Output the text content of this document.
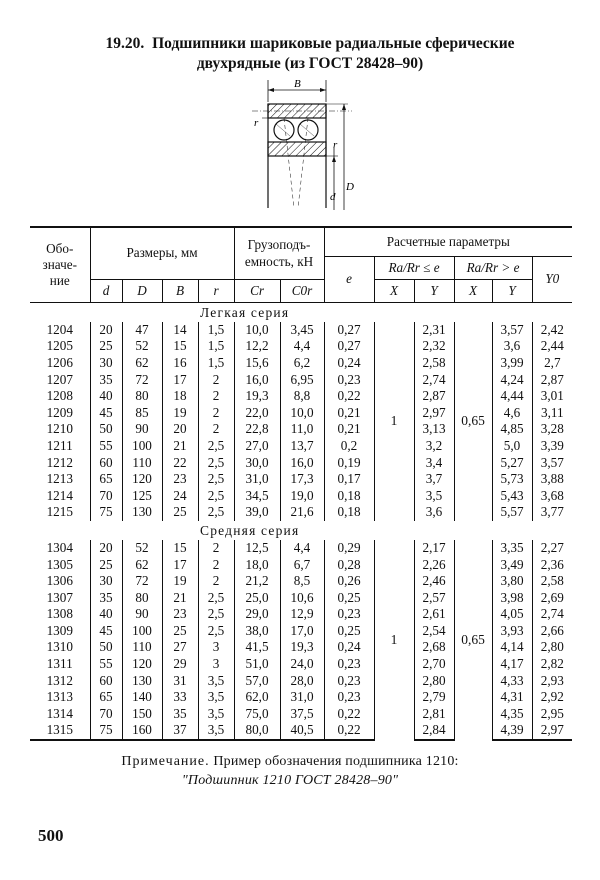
19.20. Подшипники шариковые радиальные сферические
двухрядные (из ГОСТ 28428–90)
B
r
r
D
d
Обо-значе-ние	Размеры, мм				Грузоподъ-емность, кН		Расчетные параметры					
							e	Ra/Rr ≤ e		Ra/Rr > e		Y0
	d	D	B	r	Cr	C0r		X	Y	X	Y	
Легкая серия												
1204	20	47	14	1,5	10,0	3,45	0,27	1	2,31	0,65	3,57	2,42
1205	25	52	15	1,5	12,2	4,4	0,27		2,32		3,6	2,44
1206	30	62	16	1,5	15,6	6,2	0,24		2,58		3,99	2,7
1207	35	72	17	2	16,0	6,95	0,23		2,74		4,24	2,87
1208	40	80	18	2	19,3	8,8	0,22		2,87		4,44	3,01
1209	45	85	19	2	22,0	10,0	0,21		2,97		4,6	3,11
1210	50	90	20	2	22,8	11,0	0,21		3,13		4,85	3,28
1211	55	100	21	2,5	27,0	13,7	0,2		3,2		5,0	3,39
1212	60	110	22	2,5	30,0	16,0	0,19		3,4		5,27	3,57
1213	65	120	23	2,5	31,0	17,3	0,17		3,7		5,73	3,88
1214	70	125	24	2,5	34,5	19,0	0,18		3,5		5,43	3,68
1215	75	130	25	2,5	39,0	21,6	0,18		3,6		5,57	3,77
Средняя серия												
1304	20	52	15	2	12,5	4,4	0,29	1	2,17	0,65	3,35	2,27
1305	25	62	17	2	18,0	6,7	0,28		2,26		3,49	2,36
1306	30	72	19	2	21,2	8,5	0,26		2,46		3,80	2,58
1307	35	80	21	2,5	25,0	10,6	0,25		2,57		3,98	2,69
1308	40	90	23	2,5	29,0	12,9	0,23		2,61		4,05	2,74
1309	45	100	25	2,5	38,0	17,0	0,25		2,54		3,93	2,66
1310	50	110	27	3	41,5	19,3	0,24		2,68		4,14	2,80
1311	55	120	29	3	51,0	24,0	0,23		2,70		4,17	2,82
1312	60	130	31	3,5	57,0	28,0	0,23		2,80		4,33	2,93
1313	65	140	33	3,5	62,0	31,0	0,23		2,79		4,31	2,92
1314	70	150	35	3,5	75,0	37,5	0,22		2,81		4,35	2,95
1315	75	160	37	3,5	80,0	40,5	0,22		2,84		4,39	2,97
Примечание. Пример обозначения подшипника 1210:
"Подшипник 1210 ГОСТ 28428–90"
500
